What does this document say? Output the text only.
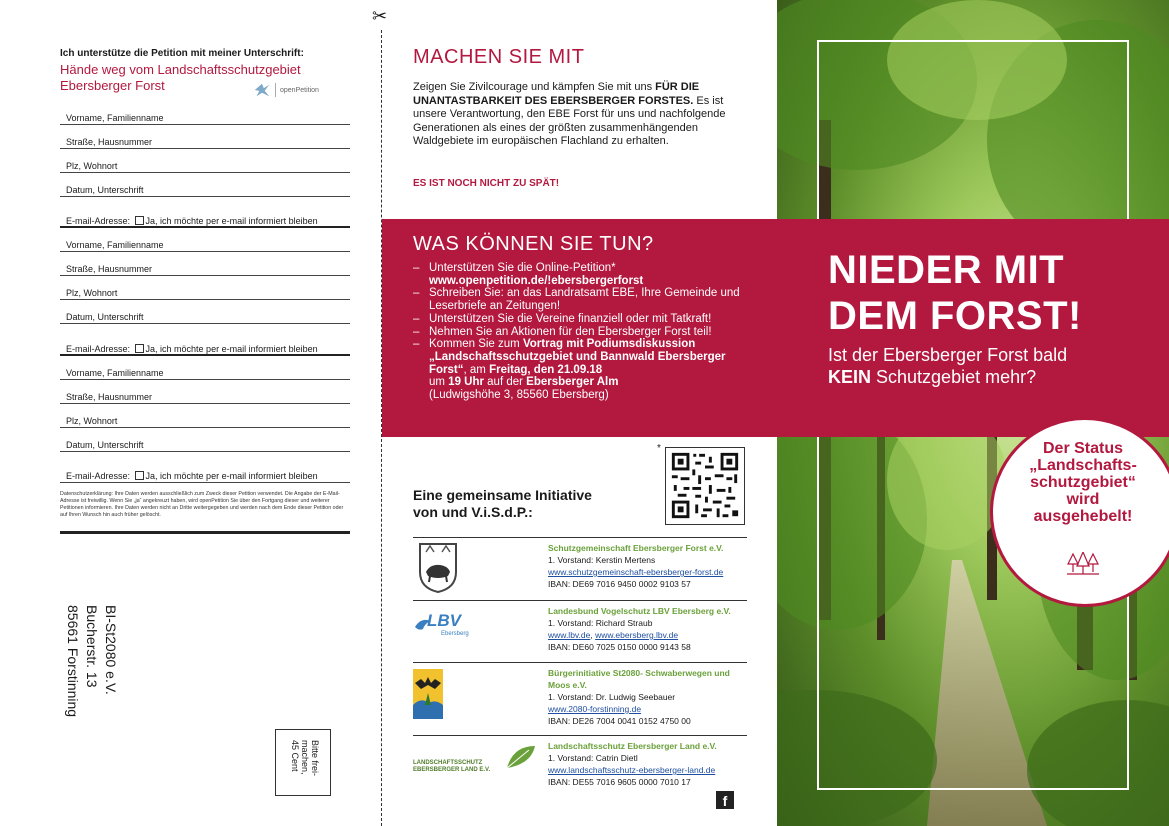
Ich unterstütze die Petition mit meiner Unterschrift:
Hände weg vom Landschaftsschutzgebiet
Ebersberger Forst	openPetition
Vorname, Familienname
Straße, Hausnummer
Plz, Wohnort
Datum, Unterschrift
E-mail-Adresse: Ja, ich möchte per e-mail informiert bleiben
Vorname, Familienname
Straße, Hausnummer
Plz, Wohnort
Datum, Unterschrift
E-mail-Adresse: Ja, ich möchte per e-mail informiert bleiben
Vorname, Familienname
Straße, Hausnummer
Plz, Wohnort
Datum, Unterschrift
E-mail-Adresse: Ja, ich möchte per e-mail informiert bleiben
Datenschutzerklärung: Ihre Daten werden ausschließlich zum Zweck dieser Petition verwendet. Die Angabe der E-Mail-Adresse ist freiwillig. Wenn Sie „ja“ angekreuzt haben, wird openPetition Sie über den Fortgang dieser und weiterer Petitionen informieren. Ihre Daten werden nicht an Dritte weitergegeben und werden nach dem Ende dieser Petition oder auf Ihren Wunsch hin auch früher gelöscht.
BI-St2080 e.V.
Bucherstr. 13
85661 Forstinning
Bitte frei-
machen,
45 Cent
✂
MACHEN SIE MIT
Zeigen Sie Zivilcourage und kämpfen Sie mit uns FÜR DIE UNANTASTBARKEIT DES EBERSBERGER FORSTES. Es ist unsere Verantwortung, den EBE Forst für uns und nachfolgende Generationen als eines der größten zusammenhängenden Waldgebiete im europäischen Flachland zu erhalten.
ES IST NOCH NICHT ZU SPÄT!
WAS KÖNNEN SIE TUN?
– Unterstützen Sie die Online-Petition*
www.openpetition.de/!ebersbergerforst
– Schreiben Sie: an das Landratsamt EBE, Ihre Gemeinde und Leserbriefe an Zeitungen!
– Unterstützen Sie die Vereine finanziell oder mit Tatkraft!
– Nehmen Sie an Aktionen für den Ebersberger Forst teil!
– Kommen Sie zum Vortrag mit Podiumsdiskussion „Landschaftsschutzgebiet und Bannwald Ebersberger Forst“, am Freitag, den 21.09.18
um 19 Uhr auf der Ebersberger Alm
(Ludwigshöhe 3, 85560 Ebersberg)
*
Eine gemeinsame Initiative
von und V.i.S.d.P.:
Schutzgemeinschaft Ebersberger Forst e.V.
1. Vorstand: Kerstin Mertens
www.schutzgemeinschaft-ebersberger-forst.de
IBAN: DE69 7016 9450 0002 9103 57
LBV
Ebersberg
Landesbund Vogelschutz LBV Ebersberg e.V.
1. Vorstand: Richard Straub
www.lbv.de, www.ebersberg.lbv.de
IBAN: DE60 7025 0150 0000 9143 58
Bürgerinitiative St2080- Schwaberwegen und Moos e.V.
1. Vorstand: Dr. Ludwig Seebauer
www.2080-forstinning.de
IBAN: DE26 7004 0041 0152 4750 00
LANDSCHAFTSSCHUTZ
EBERSBERGER LAND E.V.
Landschaftsschutz Ebersberger Land e.V.
1. Vorstand: Catrin Dietl
www.landschaftsschutz-ebersberger-land.de
IBAN: DE55 7016 9605 0000 7010 17
f
NIEDER MIT
DEM FORST!
Ist der Ebersberger Forst bald
KEIN Schutzgebiet mehr?
Der Status
„Landschafts-
schutzgebiet“
wird
ausgehebelt!
